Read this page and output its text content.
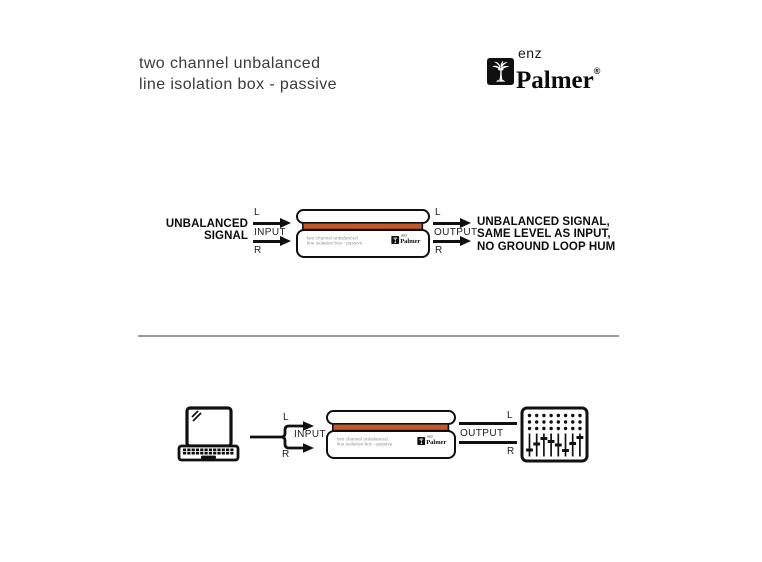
two channel unbalanced
line isolation box - passive
enz
Palmer®
UNBALANCED
SIGNAL
L
INPUT
R
two channel unbalanced
line isolation box - passive
enz
Palmer
L
OUTPUT
R
UNBALANCED SIGNAL,
SAME LEVEL AS INPUT,
NO GROUND LOOP HUM
L
INPUT
R
two channel unbalanced
line isolation box - passive
enz
Palmer
L
OUTPUT
R
